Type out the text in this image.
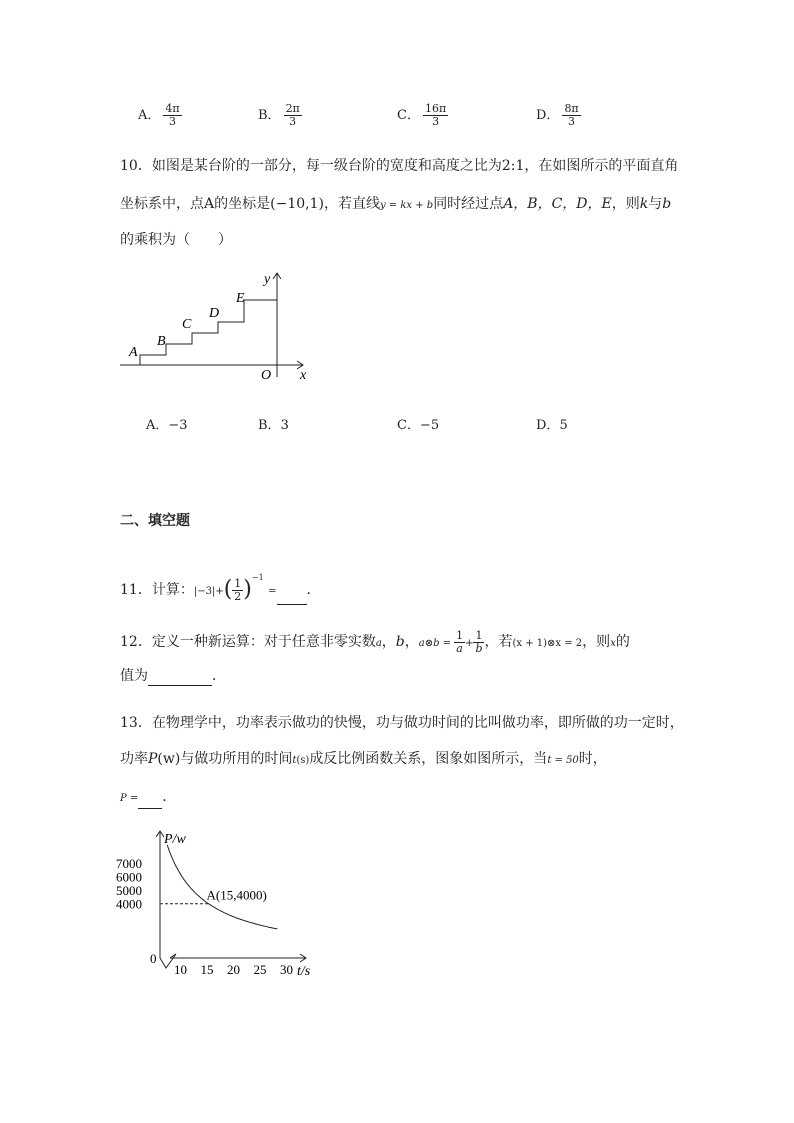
A． $\frac{4\pi}{3}$	B． $\frac{2\pi}{3}$	C． $\frac{16\pi}{3}$	D． $\frac{8\pi}{3}$
10．如图是某台阶的一部分，每一级台阶的宽度和高度之比为2:1，在如图所示的平面直角
坐标系中，点A的坐标是(−10,1)，若直线y = kx + b同时经过点A，B，C，D，E，则k与b
的乘积为（　　）
A
B
C
D
E
y
x
O
A．−3	B．3	C．−5	D．5
二、填空题
11．计算：$|-3|+( \frac{1}{2} )^{-1}$ = ．
12．定义一种新运算：对于任意非零实数a，b，a⊗b = $\frac{1}{a} + \frac{1}{b}$ ，若(x + 1)⊗x = 2，则x的
值为	．
13．在物理学中，功率表示做功的快慢，功与做功时间的比叫做功率，即所做的功一定时，
功率P(w)与做功所用的时间t(s)成反比例函数关系，图象如图所示，当t = 50时，
P = ．
P/w
t/s
7000
6000
5000
4000
0
10 15 20 25 30
A(15,4000)
